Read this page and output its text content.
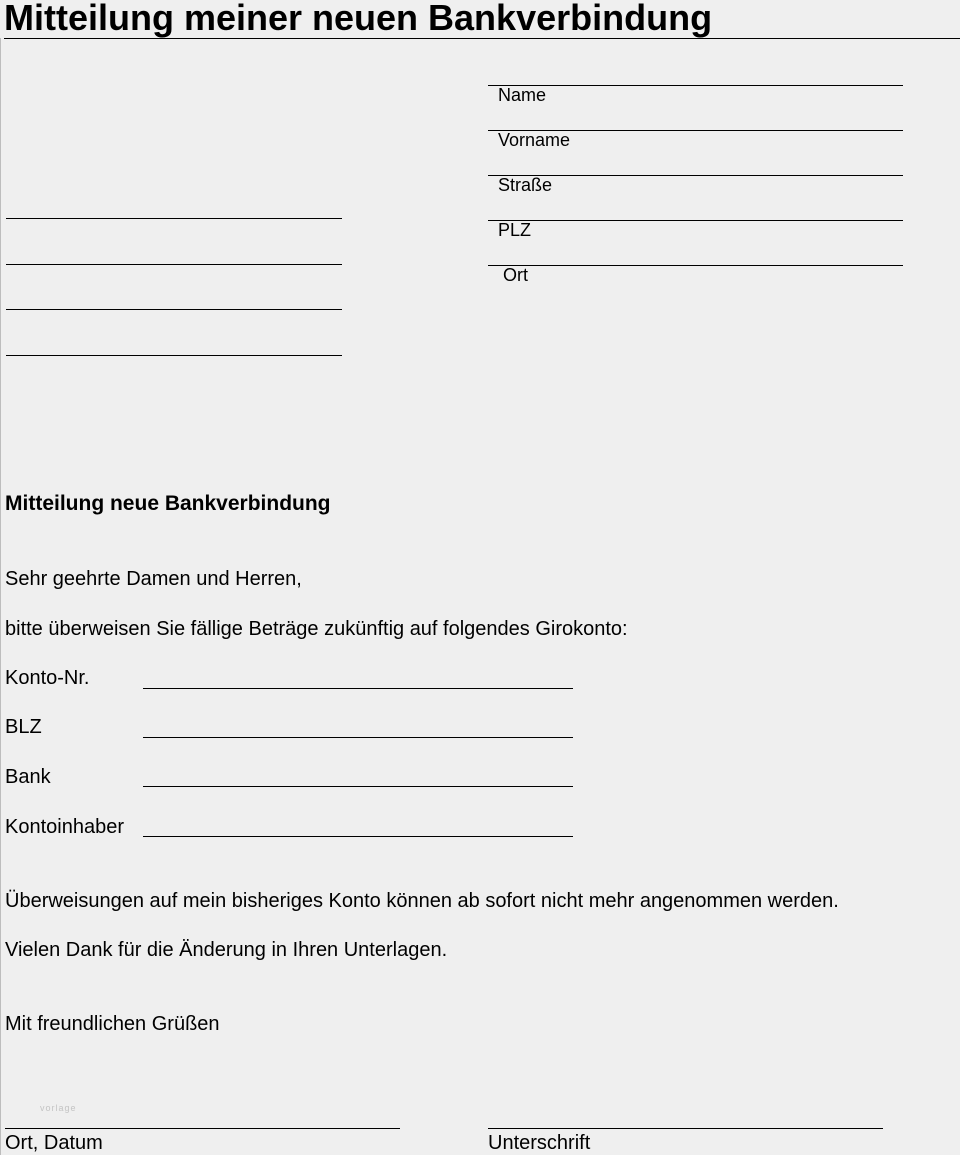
Mitteilung meiner neuen Bankverbindung

Name

Vorname

Straße

PLZ

Ort

Mitteilung neue Bankverbindung
Sehr geehrte Damen und Herren,
bitte überweisen Sie fällige Beträge zukünftig auf folgendes Girokonto:
Konto-Nr.
BLZ
Bank
Kontoinhaber
Überweisungen auf mein bisheriges Konto können ab sofort nicht mehr angenommen werden.
Vielen Dank für die Änderung in Ihren Unterlagen.
Mit freundlichen Grüßen
vorlage
Ort, Datum	Unterschrift
